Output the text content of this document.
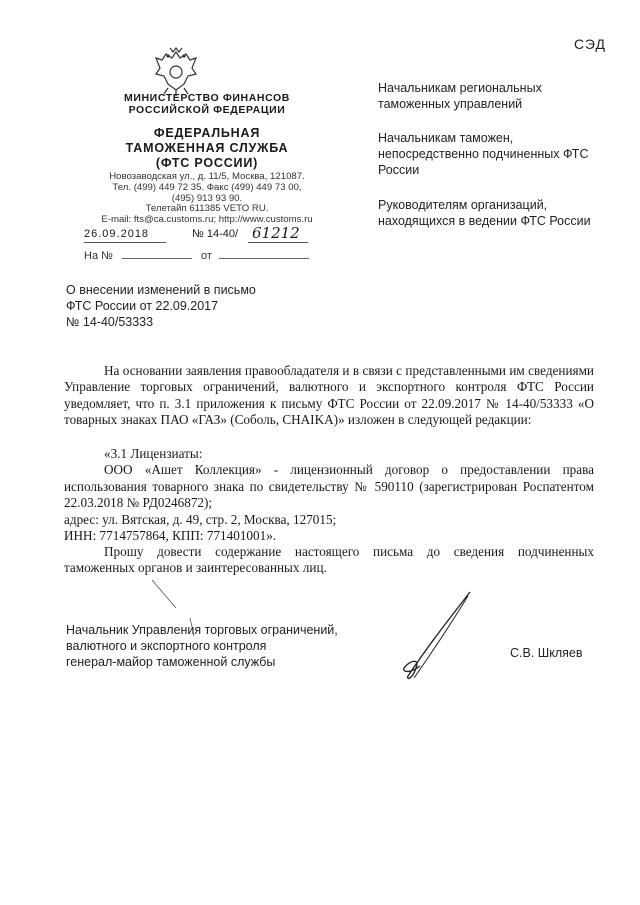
СЭД
МИНИСТЕРСТВО ФИНАНСОВ
РОССИЙСКОЙ ФЕДЕРАЦИИ
ФЕДЕРАЛЬНАЯ
ТАМОЖЕННАЯ СЛУЖБА
(ФТС РОССИИ)
Новозаводская ул., д. 11/5, Москва, 121087.
Тел. (499) 449 72 35. Факс (499) 449 73 00,
(495) 913 93 90.
Телетайп 611385 VETO RU.
E-mail: fts@ca.customs.ru; http://www.customs.ru
26.09.2018	№ 14-40/ 61212
На №	от
Начальникам региональных таможенных управлений
Начальникам таможен, непосредственно подчиненных ФТС России
Руководителям организаций, находящихся в ведении ФТС России
О внесении изменений в письмо
ФТС России от 22.09.2017
№ 14-40/53333
На основании заявления правообладателя и в связи с представленными им сведениями Управление торговых ограничений, валютного и экспортного контроля ФТС России уведомляет, что п. 3.1 приложения к письму ФТС России от 22.09.2017 № 14-40/53333 «О товарных знаках ПАО «ГАЗ» (Соболь, CHAIKA)» изложен в следующей редакции:
«3.1 Лицензиаты:
ООО «Ашет Коллекция» - лицензионный договор о предоставлении права использования товарного знака по свидетельству № 590110 (зарегистрирован Роспатентом 22.03.2018 № РД0246872);
адрес: ул. Вятская, д. 49, стр. 2, Москва, 127015;
ИНН: 7714757864, КПП: 771401001».
Прошу довести содержание настоящего письма до сведения подчиненных таможенных органов и заинтересованных лиц.
Начальник Управления торговых ограничений,
валютного и экспортного контроля
генерал-майор таможенной службы
С.В. Шкляев
